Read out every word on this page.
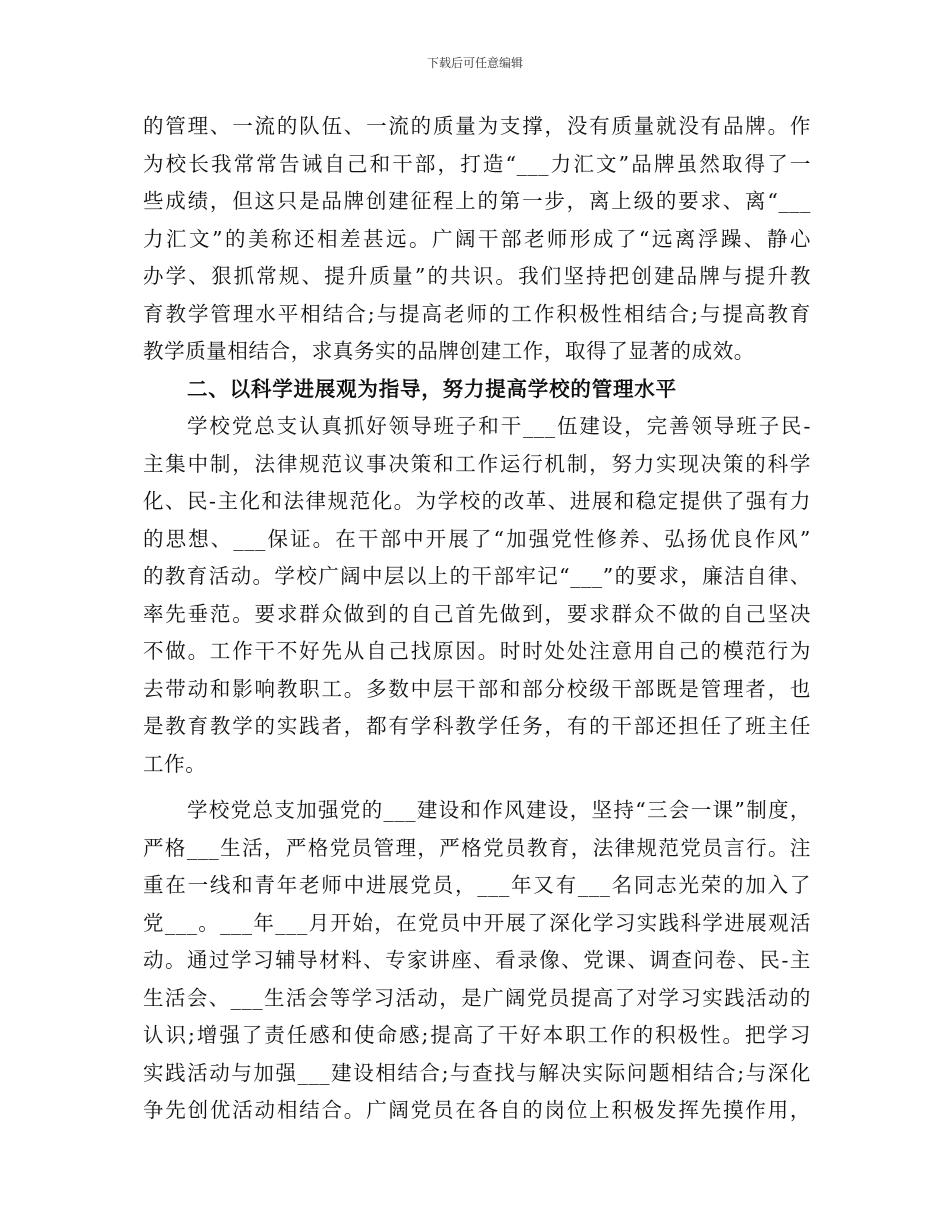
下载后可任意编辑
的管理、一流的队伍、一流的质量为支撑，没有质量就没有品牌。作
为校长我常常告诫自己和干部，打造“___力汇文”品牌虽然取得了一
些成绩，但这只是品牌创建征程上的第一步，离上级的要求、离“___
力汇文”的美称还相差甚远。广阔干部老师形成了“远离浮躁、静心
办学、狠抓常规、提升质量”的共识。我们坚持把创建品牌与提升教
育教学管理水平相结合;与提高老师的工作积极性相结合;与提高教育
教学质量相结合，求真务实的品牌创建工作，取得了显著的成效。
二、以科学进展观为指导，努力提高学校的管理水平
学校党总支认真抓好领导班子和干___伍建设，完善领导班子民-
主集中制，法律规范议事决策和工作运行机制，努力实现决策的科学
化、民-主化和法律规范化。为学校的改革、进展和稳定提供了强有力
的思想、___保证。在干部中开展了“加强党性修养、弘扬优良作风”
的教育活动。学校广阔中层以上的干部牢记“___”的要求，廉洁自律、
率先垂范。要求群众做到的自己首先做到，要求群众不做的自己坚决
不做。工作干不好先从自己找原因。时时处处注意用自己的模范行为
去带动和影响教职工。多数中层干部和部分校级干部既是管理者，也
是教育教学的实践者，都有学科教学任务，有的干部还担任了班主任
工作。
学校党总支加强党的___建设和作风建设，坚持“三会一课”制度，
严格___生活，严格党员管理，严格党员教育，法律规范党员言行。注
重在一线和青年老师中进展党员，___年又有___名同志光荣的加入了
党___。___年___月开始，在党员中开展了深化学习实践科学进展观活
动。通过学习辅导材料、专家讲座、看录像、党课、调查问卷、民-主
生活会、___生活会等学习活动，是广阔党员提高了对学习实践活动的
认识;增强了责任感和使命感;提高了干好本职工作的积极性。把学习
实践活动与加强___建设相结合;与查找与解决实际问题相结合;与深化
争先创优活动相结合。广阔党员在各自的岗位上积极发挥先摸作用，
